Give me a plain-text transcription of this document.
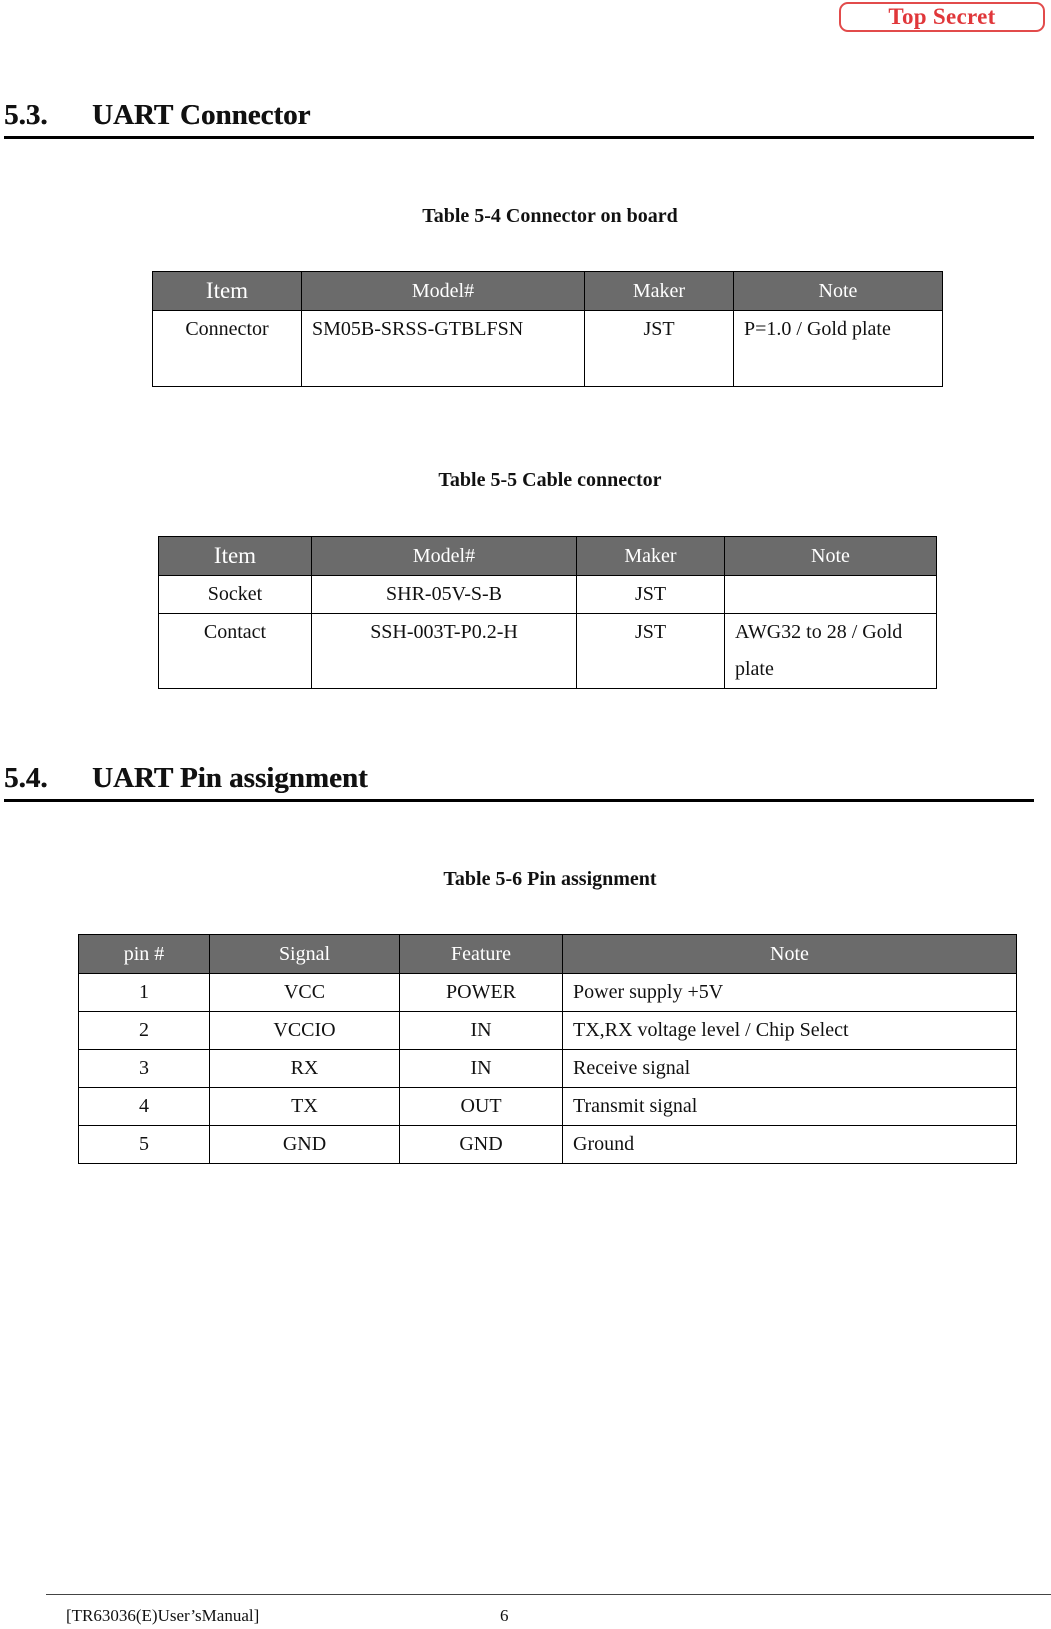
Top Secret
5.3. UART Connector
Table 5-4 Connector on board
Item	Model#	Maker	Note
Connector	SM05B-SRSS-GTBLFSN	JST	P=1.0 / Gold plate
Table 5-5 Cable connector
Item	Model#	Maker	Note
Socket	SHR-05V-S-B	JST	
Contact	SSH-003T-P0.2-H	JST	AWG32 to 28 / Gold plate
5.4. UART Pin assignment
Table 5-6 Pin assignment
pin #	Signal	Feature	Note
1	VCC	POWER	Power supply +5V
2	VCCIO	IN	TX,RX voltage level / Chip Select
3	RX	IN	Receive signal
4	TX	OUT	Transmit signal
5	GND	GND	Ground
[TR63036(E)User’sManual]	6
